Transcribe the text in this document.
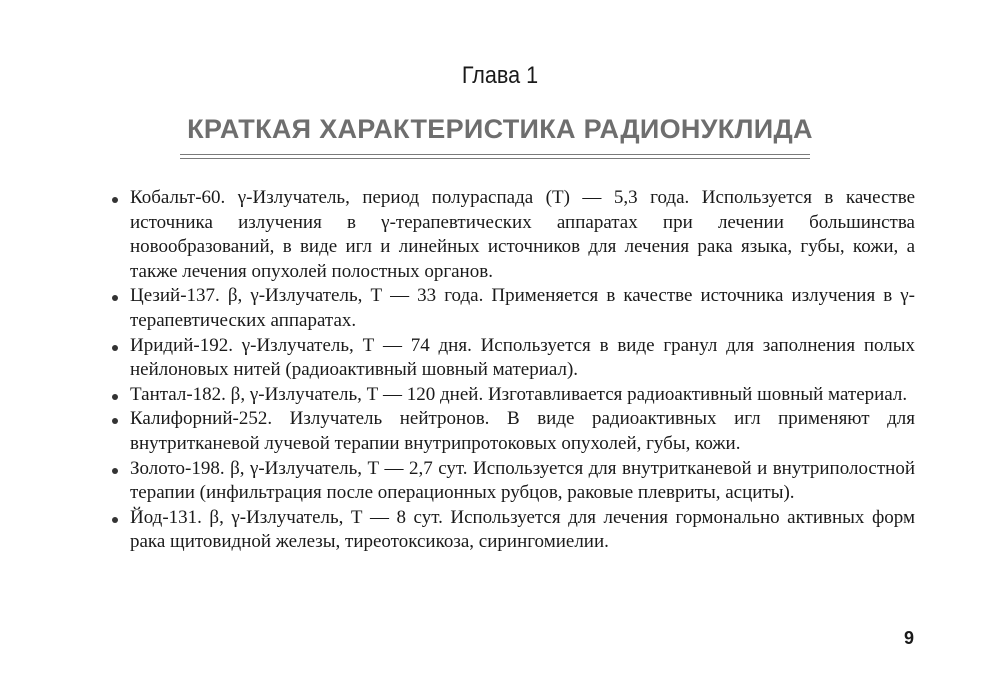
Глава 1
КРАТКАЯ ХАРАКТЕРИСТИКА РАДИОНУКЛИДА
Кобальт-60. γ-Излучатель, период полураспада (Т) — 5,3 года. Используется в качестве источника излучения в γ-терапевтических аппаратах при лечении большинства новообразований, в виде игл и линейных источников для лечения рака языка, губы, кожи, а также лечения опухолей полостных органов.
Цезий-137. β, γ-Излучатель, Т — 33 года. Применяется в качестве источника излучения в γ-терапевтических аппаратах.
Иридий-192. γ-Излучатель, Т — 74 дня. Используется в виде гранул для заполнения полых нейлоновых нитей (радиоактивный шовный материал).
Тантал-182. β, γ-Излучатель, Т — 120 дней. Изготавливается радиоактивный шовный материал.
Калифорний-252. Излучатель нейтронов. В виде радиоактивных игл применяют для внутритканевой лучевой терапии внутрипротоковых опухолей, губы, кожи.
Золото-198. β, γ-Излучатель, Т — 2,7 сут. Используется для внутритканевой и внутриполостной терапии (инфильтрация после операционных рубцов, раковые плевриты, асциты).
Йод-131. β, γ-Излучатель, Т — 8 сут. Используется для лечения гормонально активных форм рака щитовидной железы, тиреотоксикоза, сирингомиелии.
9
